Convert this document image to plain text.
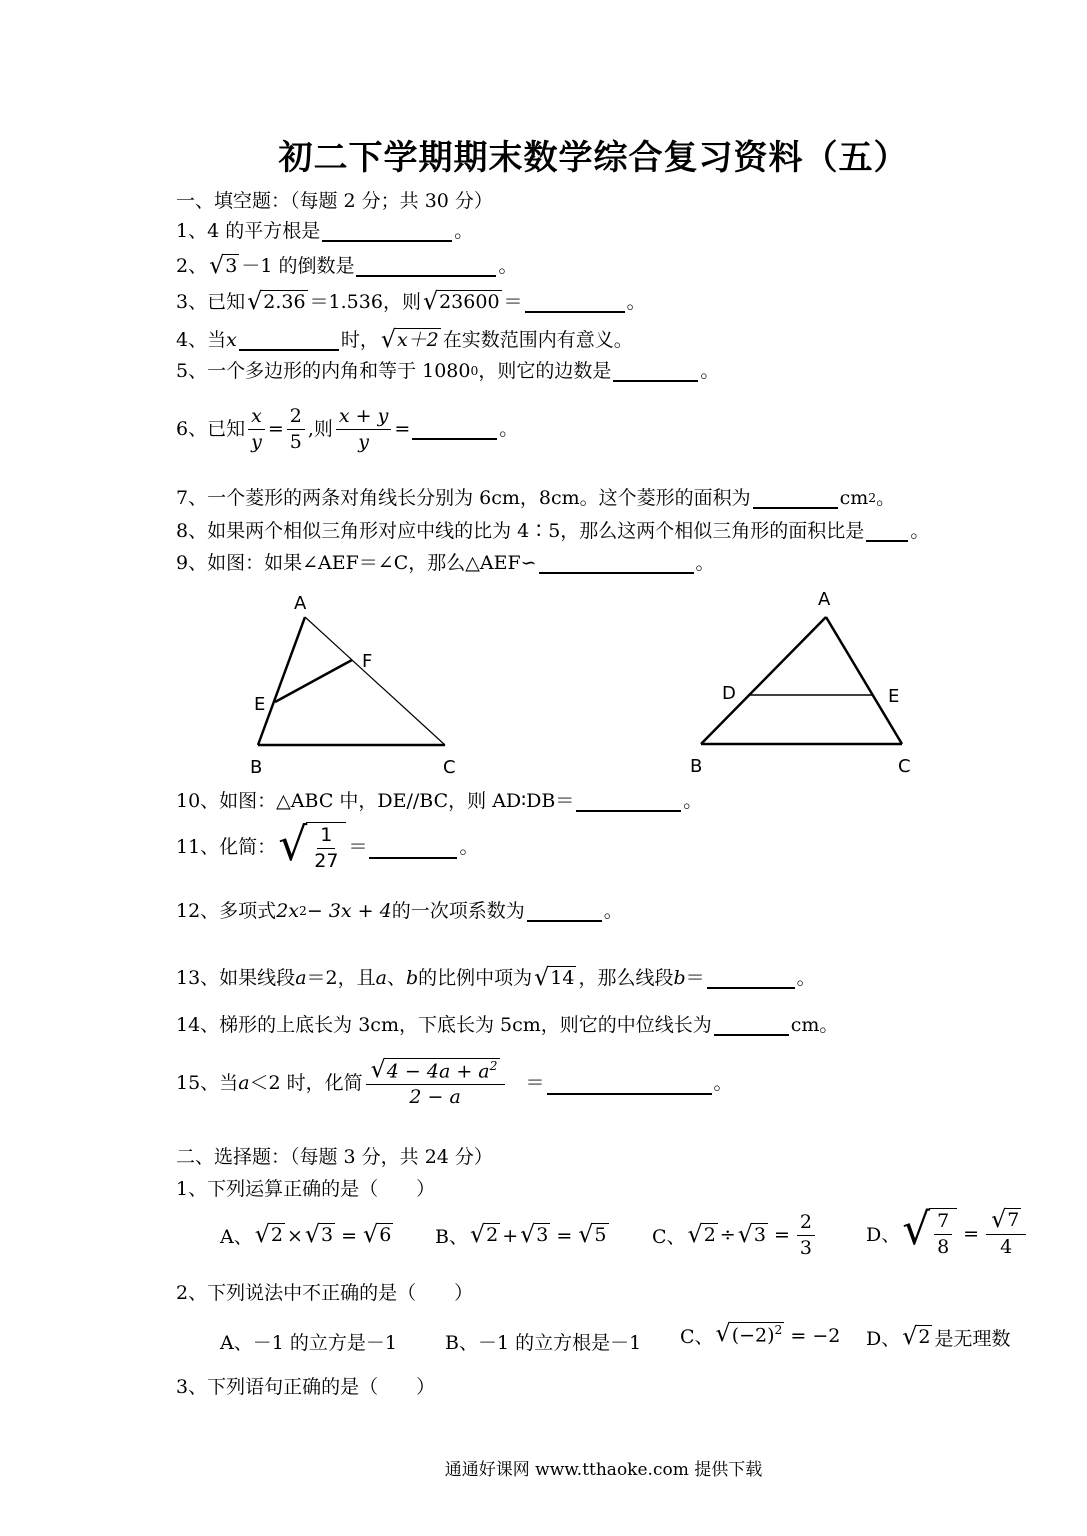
初二下学期期末数学综合复习资料（五）
一、填空题：（每题 2 分；共 30 分）
1、4 的平方根是	。
2、 √ 3 －1 的倒数是	。
3、已知 √ 2.36 ＝1.536，则 √ 23600 ＝	。
4、当 x	时， √ x＋2 在实数范围内有意义。
5、一个多边形的内角和等于 1080 0 ，则它的边数是	。
6、已知 $\frac{x}{y} = \frac{2}{5}$ ,则 $\frac{x + y}{y}$ =	。
7、一个菱形的两条对角线长分别为 6cm，8cm。这个菱形的面积为	cm 2 。
8、如果两个相似三角形对应中线的比为 4∶5，那么这两个相似三角形的面积比是 。
9、如图：如果∠AEF＝∠C，那么△AEF∽	。
A
F
E
B	C
A
D	E
B	C
10、如图：△ABC 中，DE//BC，则 AD∶DB＝	。
11、化简： √ $\frac{1}{27}$ ＝	。
12、多项式 2x 2 − 3x + 4 的一次项系数为	。
13、如果线段 a ＝2，且 a 、 b 的比例中项为 √ 14 ，那么线段 b ＝	。
14、梯形的上底长为 3cm，下底长为 5cm，则它的中位线长为	cm。
15、当 a ＜2 时，化简 $\frac{√ 4 - 4a + a^2}{2 - a}$ ＝	。
二、选择题：（每题 3 分，共 24 分）
1、下列运算正确的是（　　）
A、 √ 2 × √ 3 = √ 6 B、 √ 2 + √ 3 = √ 5 C、 √ 2 ÷ √ $3 = \frac{2}{3}$	D、 √ $\frac{7}{8} = \frac{√ 7}{4}$
2、下列说法中不正确的是（　　）
A、－1 的立方是－1	B、－1 的立方根是－1 C、 √ $(-2)^2 = -2$ D、 √ 2 是无理数
3、下列语句正确的是（　　）
通通好课网 www.tthaoke.com 提供下载
